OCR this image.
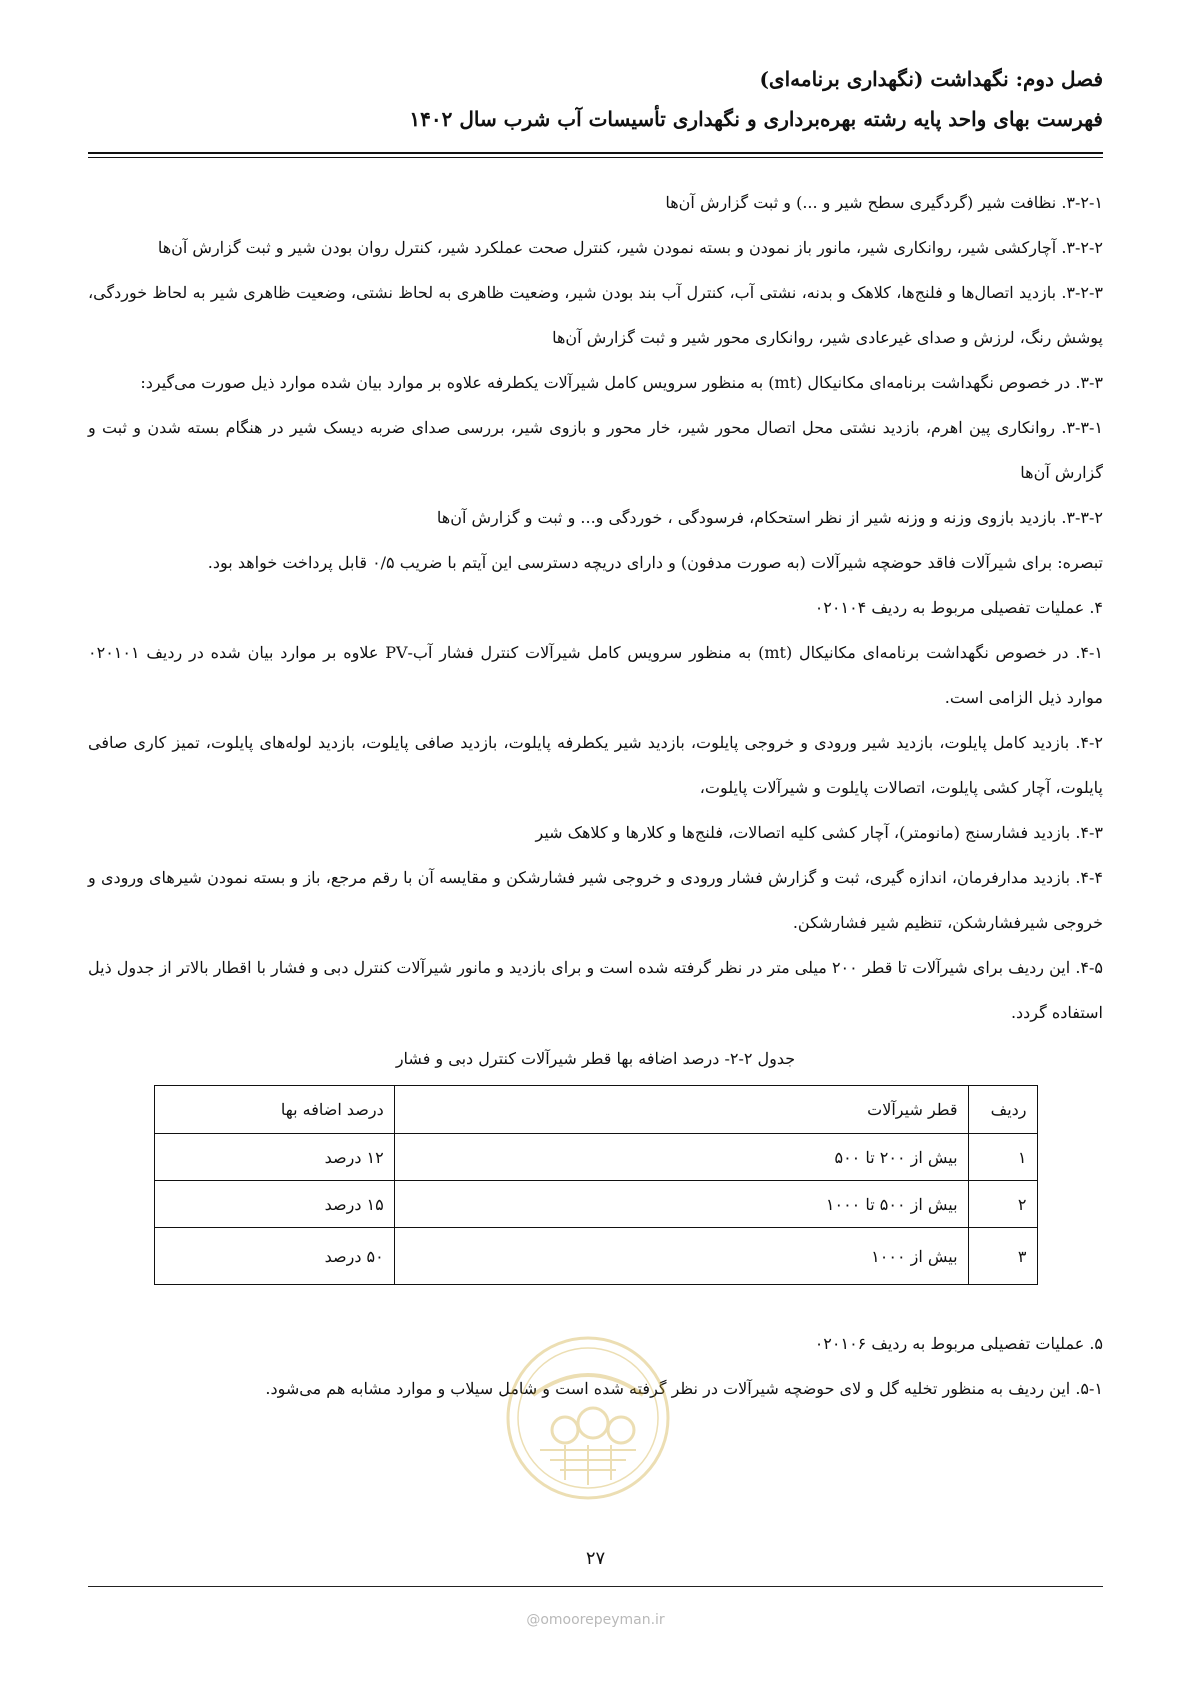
فصل دوم: نگهداشت (نگهداری برنامه‌ای)
فهرست بهای واحد پایه رشته بهره‌برداری و نگهداری تأسیسات آب شرب سال ۱۴۰۲

۳-۲-۱. نظافت شیر (گردگیری سطح شیر و ...) و ثبت گزارش آن‌ها

۳-۲-۲. آچارکشی شیر، روانکاری شیر، مانور باز نمودن و بسته نمودن شیر، کنترل صحت عملکرد شیر، کنترل روان بودن شیر و ثبت گزارش آن‌ها

۳-۲-۳. بازدید اتصال‌ها و فلنج‌ها، کلاهک و بدنه، نشتی آب، کنترل آب بند بودن شیر، وضعیت ظاهری به لحاظ نشتی، وضعیت ظاهری شیر به لحاظ خوردگی، پوشش رنگ، لرزش و صدای غیرعادی شیر، روانکاری محور شیر و ثبت گزارش آن‌ها

۳-۳. در خصوص نگهداشت برنامه‌ای مکانیکال (mt) به منظور سرویس کامل شیرآلات یکطرفه علاوه بر موارد بیان شده موارد ذیل صورت می‌گیرد:

۳-۳-۱. روانکاری پین اهرم، بازدید نشتی محل اتصال محور شیر، خار محور و بازوی شیر، بررسی صدای ضربه دیسک شیر در هنگام بسته شدن و ثبت و گزارش آن‌ها

۳-۳-۲. بازدید بازوی وزنه و وزنه شیر از نظر استحکام، فرسودگی ، خوردگی و... و ثبت و گزارش آن‌ها

تبصره: برای شیرآلات فاقد حوضچه شیرآلات (به صورت مدفون) و دارای دریچه دسترسی این آیتم با ضریب ۰/۵ قابل پرداخت خواهد بود.

۴. عملیات تفصیلی مربوط به ردیف ۰۲۰۱۰۴

۴-۱. در خصوص نگهداشت برنامه‌ای مکانیکال (mt) به منظور سرویس کامل شیرآلات کنترل فشار آب-PV علاوه بر موارد بیان شده در ردیف ۰۲۰۱۰۱ موارد ذیل الزامی است.

۴-۲. بازدید کامل پایلوت، بازدید شیر ورودی و خروجی پایلوت، بازدید شیر یکطرفه پایلوت، بازدید صافی پایلوت، بازدید لوله‌های پایلوت، تمیز کاری صافی پایلوت، آچار کشی پایلوت، اتصالات پایلوت و شیرآلات پایلوت،

۴-۳. بازدید فشارسنج (مانومتر)، آچار کشی کلیه اتصالات، فلنج‌ها و کلارها و کلاهک شیر

۴-۴. بازدید مدارفرمان، اندازه گیری، ثبت و گزارش فشار ورودی و خروجی شیر فشارشکن و مقایسه آن با رقم مرجع، باز و بسته نمودن شیرهای ورودی و خروجی شیرفشارشکن، تنظیم شیر فشارشکن.

۴-۵. این ردیف برای شیرآلات تا قطر ۲۰۰ میلی متر در نظر گرفته شده است و برای بازدید و مانور شیرآلات کنترل دبی و فشار با اقطار بالاتر از جدول ذیل استفاده گردد.

جدول ۲-۲- درصد اضافه بها قطر شیرآلات کنترل دبی و فشار
ردیف	قطر شیرآلات	درصد اضافه بها
۱	بیش از ۲۰۰ تا ۵۰۰	۱۲ درصد
۲	بیش از ۵۰۰ تا ۱۰۰۰	۱۵ درصد
۳	بیش از ۱۰۰۰	۵۰ درصد

۵. عملیات تفصیلی مربوط به ردیف ۰۲۰۱۰۶

۵-۱. این ردیف به منظور تخلیه گل و لای حوضچه شیرآلات در نظر گرفته شده است و شامل سیلاب و موارد مشابه هم می‌شود.

۲۷
@omoorepeyman.ir
